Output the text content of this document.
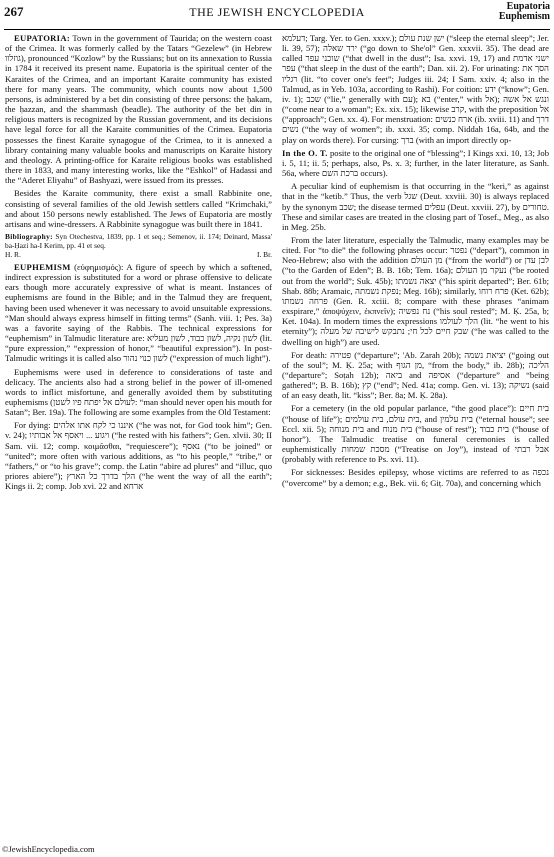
267	THE JEWISH ENCYCLOPEDIA	Eupatoria
Euphemism

EUPATORIA: Town in the government of Taurida; on the western coast of the Crimea. It was formerly called by the Tatars “Gezelew” (in Hebrew גוזלוו), pronounced “Kozlow” by the Russians; but on its annexation to Russia in 1784 it received its present name. Eupatoria is the spiritual center of the Karaites of the Crimea, and an important Karaite community has existed there for many years. The community, which counts now about 1,500 persons, is administered by a bet din consisting of three persons: the ḥakam, the ḥazzan, and the shammash (beadle). The authority of the bet din in religious matters is recognized by the Russian government, and its decisions have legal force for all the Karaite communities of the Crimea. Eupatoria possesses the finest Karaite synagogue of the Crimea, to it is annexed a library containing many valuable books and manuscripts on Karaite history and theology. A printing-office for Karaite religious books was established there in 1833, and many interesting works, like the “Eshkol” of Hadassi and the “Aderet Eliyahu” of Bashyazi, were issued from its presses.

Besides the Karaite community, there exist a small Rabbinite one, consisting of several families of the old Jewish settlers called “Krimchaki,” and about 150 persons newly established. The Jews of Eupatoria are mostly artisans and wine-dressers. A Rabbinite synagogue was built there in 1841.

Bibliography: Syn Otechestva, 1839, pp. 1 et seq.; Semenov, ii. 174; Deinard, Massa' ba-Ḥazi ha-I Kerim, pp. 41 et seq.
H. R.	I. Br.

EUPHEMISM (εὐφημισμός): A figure of speech by which a softened, indirect expression is substituted for a word or phrase offensive to delicate ears though more accurately expressive of what is meant. Instances of euphemisms are found in the Bible; and in the Talmud they are frequent, having been used whenever it was necessary to avoid unsuitable expressions. “Man should always express himself in fitting terms” (Sanh. viii. 1; Pes. 3a) was a favorite saying of the Rabbis. The technical expressions for “euphemism” in Talmudic literature are: לשון נקיה, לשון כבוד, לשון מעליא (lit. “pure expression,” “expression of honor,” “beautiful expression”). In post-Talmudic writings it is called also לשון כנוי נהור (“expression of much light”).

Euphemisms were used in deference to considerations of taste and delicacy. The ancients also had a strong belief in the power of ill-omened words to inflict misfortune, and generally avoided them by substituting euphemisms (לעולם אל יפתח פיו לשטן: “man should never open his mouth for Satan”; Ber. 19a). The following are some examples from the Old Testament:

For dying: איננו כי לקח אתו אלהים (“he was not, for God took him”; Gen. v. 24); ויגוע ... ויאסף אל אבותיו (“he rested with his fathers”; Gen. xlvii. 30; II Sam. vii. 12; comp. κοιμᾶσθαι, “requiescere”); נאסף (“to be joined” or “united”; more often with various additions, as “to his people,” “tribe,” or “fathers,” or “to his grave”; comp. the Latin “abire ad plures” and “illuc, quo priores abiere”); הלך בדרך כל הארץ (“he went the way of all the earth”; Kings ii. 2; comp. Job xvi. 22 and ארחא

דעלמא; Targ. Yer. to Gen. xxxv.); ישן שנת עולם (“sleep the eternal sleep”; Jer. li. 39, 57); ירד שאלה (“go down to She'ol” Gen. xxxvii. 35). The dead are called שוכני עפר (“that dwell in the dust”; Isa. xxvi. 19, 17) and ישני אדמת עפר (“that sleep in the dust of the earth”; Dan. xii. 2). For urinating: הסך את רגליו (lit. “to cover one's feet”; Judges iii. 24; I Sam. xxiv. 4; also in the Talmud, as in Yeb. 103a, according to Rashi). For coition: ידע (“know”; Gen. iv. 1); שכב (“lie,” generally with עם); בא (“enter,” with אל); ונגש אל אשה (“come near to a woman”; Ex. xix. 15); likewise קרב, with the preposition אל (“approach”; Gen. xx. 4). For menstruation: ארח כנשים (ib. xviii. 11) and דרך נשים (“the way of women”; ib. xxxi. 35; comp. Niddah 16a, 64b, and the play on words there). For cursing: ברך (with an import directly op-

In the O. T. posite to the original one of “blessing”; I Kings xxi. 10, 13; Job i. 5, 11; ii. 5; perhaps, also, Ps. x. 3; further, in the later literature, as Sanh. 56a, where ברכת השם occurs).

A peculiar kind of euphemism is that occurring in the “keri,” as against that in the “ketib.” Thus, the verb שגל (Deut. xxviii. 30) is always replaced by the synonym שכב; the disease termed עפלים (Deut. xxviii. 27), by טחורים. These and similar cases are treated in the closing part of Tosef., Meg., as also in Meg. 25b.

From the later literature, especially the Talmudic, many examples may be cited. For “to die” the following phrases occur: נפטר (“depart”), common in Neo-Hebrew; also with the addition מן העולם (“from the world”) or לבן עדן (“to the Garden of Eden”; B. B. 16b; Tem. 16a); נעקר מן העולם (“be rooted out from the world”; Suk. 45b); יצאה נשמתו (“his spirit departed”; Ber. 61b; Shab. 88b; Aramaic, נפקת נשמתה; Meg. 16b); similarly, פרח רוחו (Ket. 62b); פרחה נשמתו (Gen. R. xciii. 8; compare with these phrases “animam exspirare,” ἀποψύχειν, ἐκπνεῖν); נח נפשיה (“his soul rested”; M. Ḳ. 25a, b; Ket. 104a). In modern times the expressions הלך לעולמו (lit. “he went to his eternity”); שבק חיים לכל חי; נתבקש לישיבה של מעלה (“he was called to the dwelling on high”) are used.

For death: פטירה (“departure”; 'Ab. Zarah 20b); יציאת נשמה (“going out of the soul”; M. Ḳ. 25a; with מן הגוף, “from the body,” ib. 28b); הליכה (“departure”; Soṭah 12b); ביאה and אסיפה (“departure” and “being gathered”; B. B. 16b); קץ (“end”; Ned. 41a; comp. Gen. vi. 13); נשיקה (said of an easy death, lit. “kiss”; Ber. 8a; M. Ḳ. 28a).

For a cemetery (in the old popular parlance, “the good place”): בית חיים (“house of life”); בית עולם, בית עולמים, and בית עלמין (“eternal house”; see Eccl. xii. 5); בית מנוחה and בית מנוח (“house of rest”); בית כבוד (“house of honor”). The Talmudic treatise on funeral ceremonies is called euphemistically מסכת שמחות (“Treatise on Joy”), instead of אבל רבתי (probably with reference to Ps. xvi. 11).

For sicknesses: Besides epilepsy, whose victims are referred to as נכפה (“overcome” by a demon; e.g., Bek. vii. 6; Giṭ. 70a), and concerning which

©JewishEncyclopedia.com
